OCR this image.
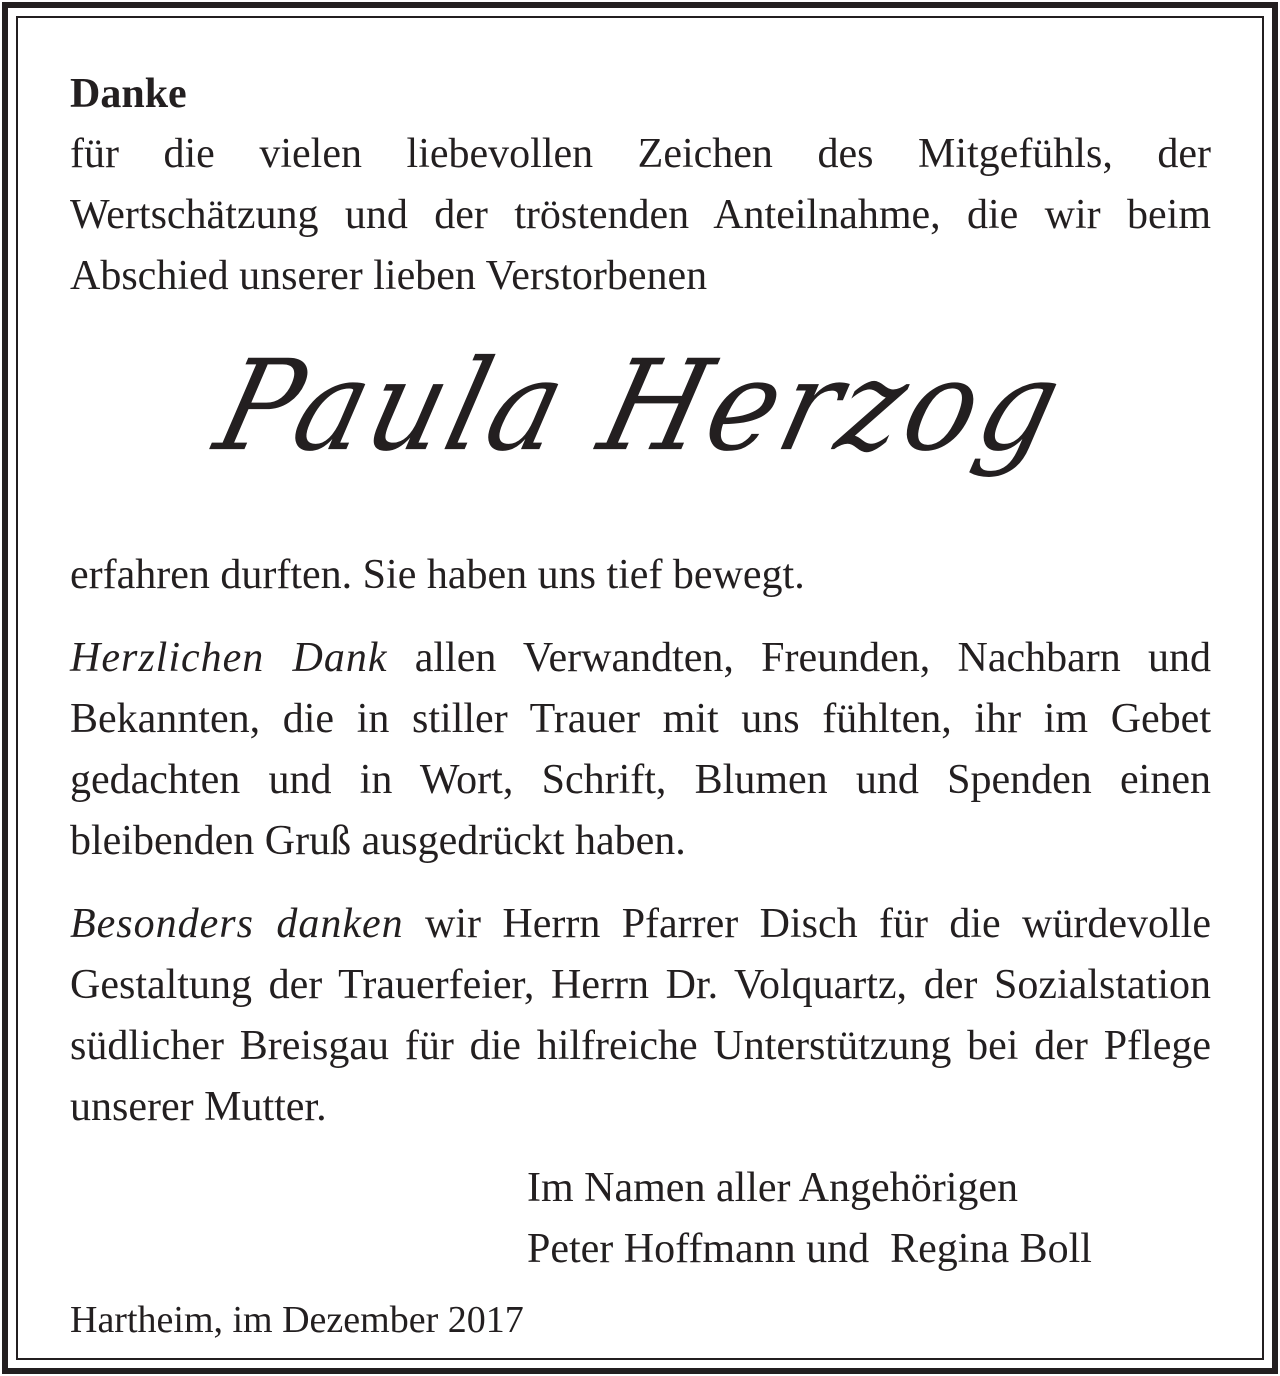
Danke

für die vielen liebevollen Zeichen des Mitgefühls, der Wertschätzung und der tröstenden Anteilnahme, die wir beim Abschied unserer lieben Verstorbenen

Paula Herzog

erfahren durften. Sie haben uns tief bewegt.

Herzlichen Dank allen Verwandten, Freunden, Nachbarn und Bekannten, die in stiller Trauer mit uns fühlten, ihr im Gebet gedachten und in Wort, Schrift, Blumen und Spenden einen bleibenden Gruß ausgedrückt haben.

Besonders danken wir Herrn Pfarrer Disch für die würdevolle Gestaltung der Trauerfeier, Herrn Dr. Volquartz, der Sozialstation südlicher Breisgau für die hilfreiche Unterstützung bei der Pflege unserer Mutter.

Im Namen aller Angehörigen
Peter Hoffmann und  Regina Boll
Hartheim, im Dezember 2017
